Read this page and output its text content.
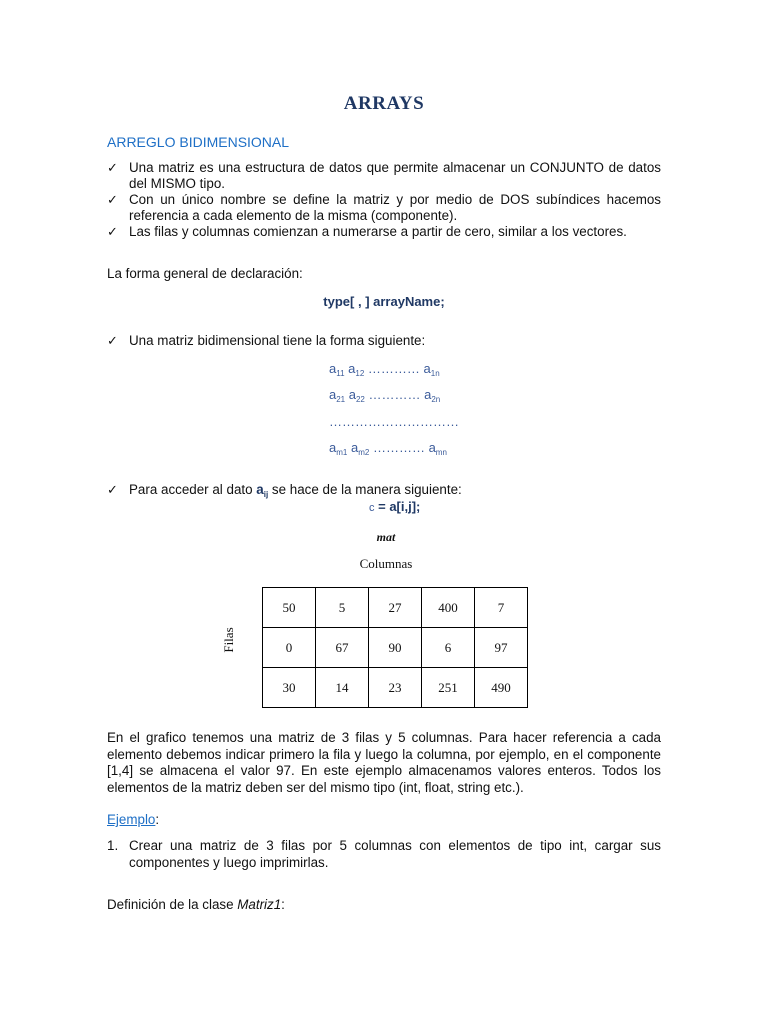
ARRAYS
ARREGLO BIDIMENSIONAL
✓ Una matriz es una estructura de datos que permite almacenar un CONJUNTO de datos del MISMO tipo.
✓ Con un único nombre se define la matriz y por medio de DOS subíndices hacemos referencia a cada elemento de la misma (componente).
✓ Las filas y columnas comienzan a numerarse a partir de cero, similar a los vectores.
La forma general de declaración:
type[ , ] arrayName;
✓ Una matriz bidimensional tiene la forma siguiente:
$a_{11}$ $a_{12}$ ………… $a_{1n}$
$a_{21}$ $a_{22}$ ………… $a_{2n}$
…………………………
$a_{m1}$ $a_{m2}$ ………… $a_{mn}$
✓ Para acceder al dato $a_{ij}$ se hace de la manera siguiente:
c = a[i,j];
mat
Columnas
Filas
50	5	27	400	7
0	67	90	6	97
30	14	23	251	490
En el grafico tenemos una matriz de 3 filas y 5 columnas. Para hacer referencia a cada elemento debemos indicar primero la fila y luego la columna, por ejemplo, en el componente [1,4] se almacena el valor 97. En este ejemplo almacenamos valores enteros. Todos los elementos de la matriz deben ser del mismo tipo (int, float, string etc.).
Ejemplo:
1. Crear una matriz de 3 filas por 5 columnas con elementos de tipo int, cargar sus componentes y luego imprimirlas.
Definición de la clase Matriz1:
